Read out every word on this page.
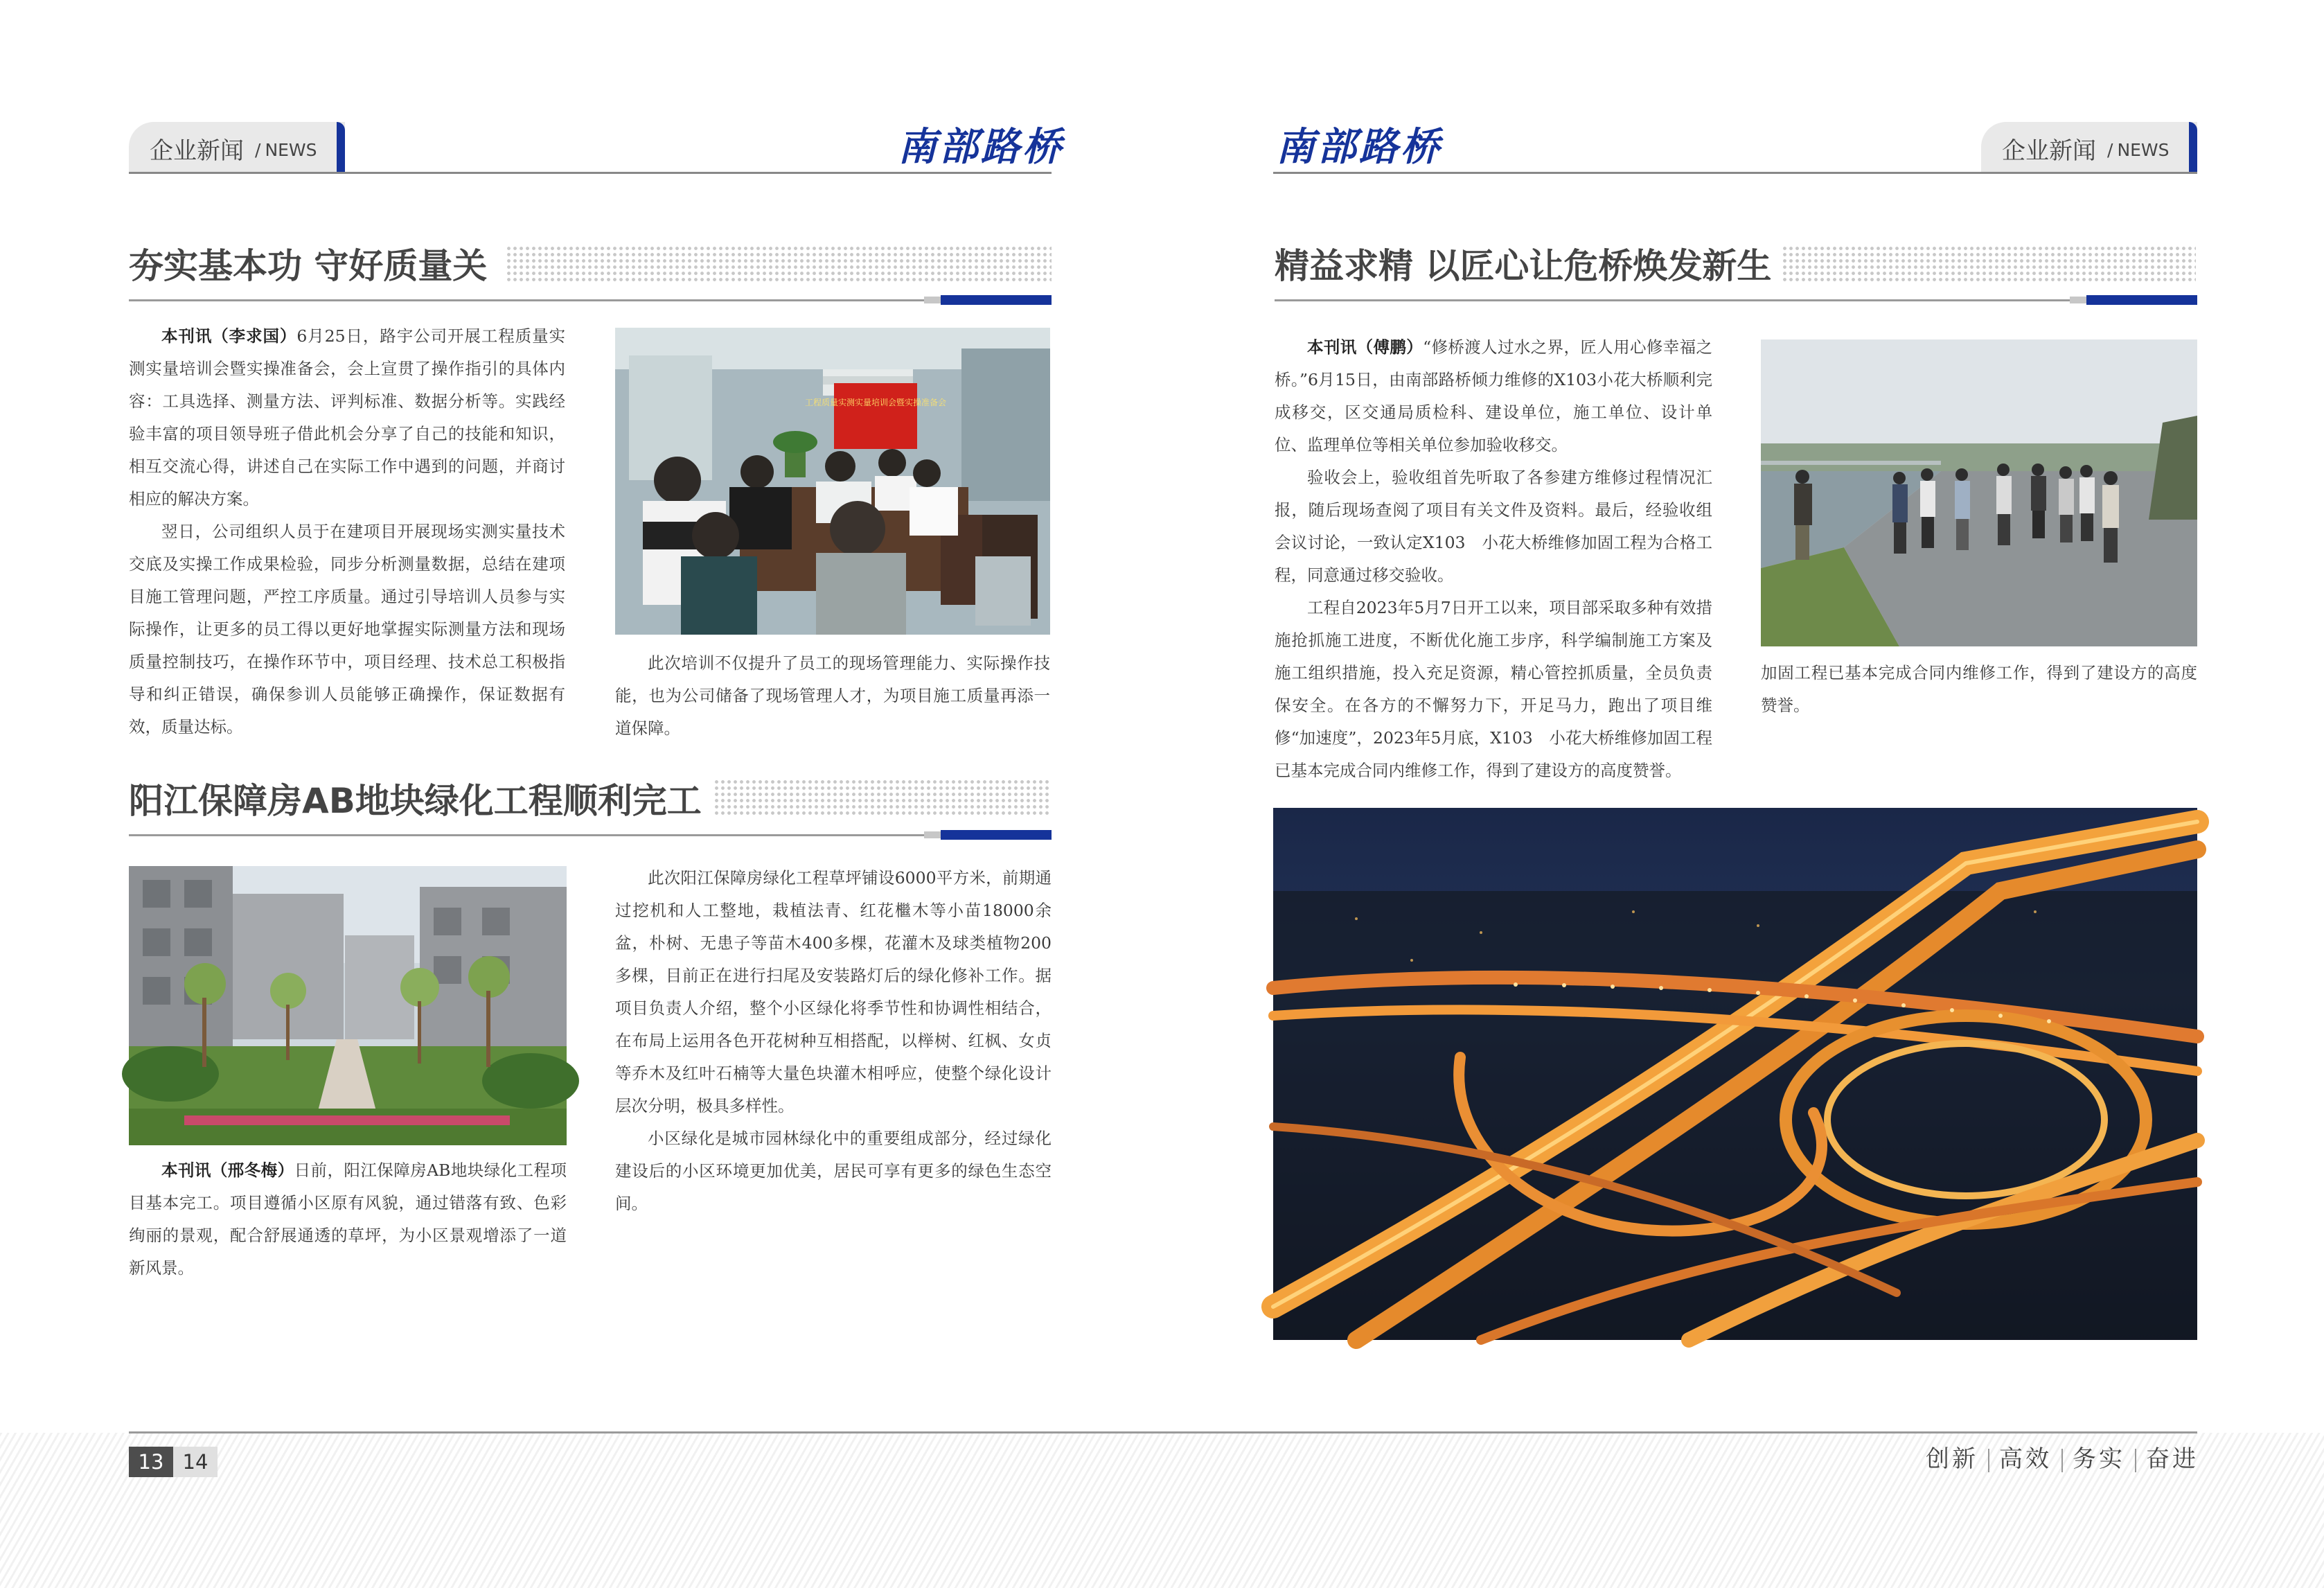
企业新闻 / NEWS	南部路桥	南部路桥	企业新闻 / NEWS
夯实基本功 守好质量关

本刊讯（李求国）6月25日，路宇公司开展工程质量实测实量培训会暨实操准备会，会上宣贯了操作指引的具体内容：工具选择、测量方法、评判标准、数据分析等。实践经验丰富的项目领导班子借此机会分享了自己的技能和知识，相互交流心得，讲述自己在实际工作中遇到的问题，并商讨相应的解决方案。

翌日，公司组织人员于在建项目开展现场实测实量技术交底及实操工作成果检验，同步分析测量数据，总结在建项目施工管理问题，严控工序质量。通过引导培训人员参与实际操作，让更多的员工得以更好地掌握实际测量方法和现场质量控制技巧，在操作环节中，项目经理、技术总工积极指导和纠正错误，确保参训人员能够正确操作，保证数据有效，质量达标。

工程质量实测实量培训会暨实操准备会

此次培训不仅提升了员工的现场管理能力、实际操作技能，也为公司储备了现场管理人才，为项目施工质量再添一道保障。

阳江保障房AB地块绿化工程顺利完工

本刊讯（邢冬梅）日前，阳江保障房AB地块绿化工程项目基本完工。项目遵循小区原有风貌，通过错落有致、色彩绚丽的景观，配合舒展通透的草坪，为小区景观增添了一道新风景。

此次阳江保障房绿化工程草坪铺设6000平方米，前期通过挖机和人工整地，栽植法青、红花檵木等小苗18000余盆，朴树、无患子等苗木400多棵，花灌木及球类植物200多棵，目前正在进行扫尾及安装路灯后的绿化修补工作。据项目负责人介绍，整个小区绿化将季节性和协调性相结合，在布局上运用各色开花树种互相搭配，以榉树、红枫、女贞等乔木及红叶石楠等大量色块灌木相呼应，使整个绿化设计层次分明，极具多样性。

小区绿化是城市园林绿化中的重要组成部分，经过绿化建设后的小区环境更加优美，居民可享有更多的绿色生态空间。

精益求精 以匠心让危桥焕发新生

本刊讯（傅鹏）“修桥渡人过水之界，匠人用心修幸福之桥。”6月15日，由南部路桥倾力维修的X103小花大桥顺利完成移交，区交通局质检科、建设单位，施工单位、设计单位、监理单位等相关单位参加验收移交。

验收会上，验收组首先听取了各参建方维修过程情况汇报，随后现场查阅了项目有关文件及资料。最后，经验收组会议讨论，一致认定X103　小花大桥维修加固工程为合格工程，同意通过移交验收。

工程自2023年5月7日开工以来，项目部采取多种有效措施抢抓施工进度，不断优化施工步序，科学编制施工方案及施工组织措施，投入充足资源，精心管控抓质量，全员负责保安全。在各方的不懈努力下，开足马力，跑出了项目维修“加速度”，2023年5月底，X103　小花大桥维修加固工程已基本完成合同内维修工作，得到了建设方的高度赞誉。

加固工程已基本完成合同内维修工作，得到了建设方的高度赞誉。

13 14	创新 高效 务实 奋进
